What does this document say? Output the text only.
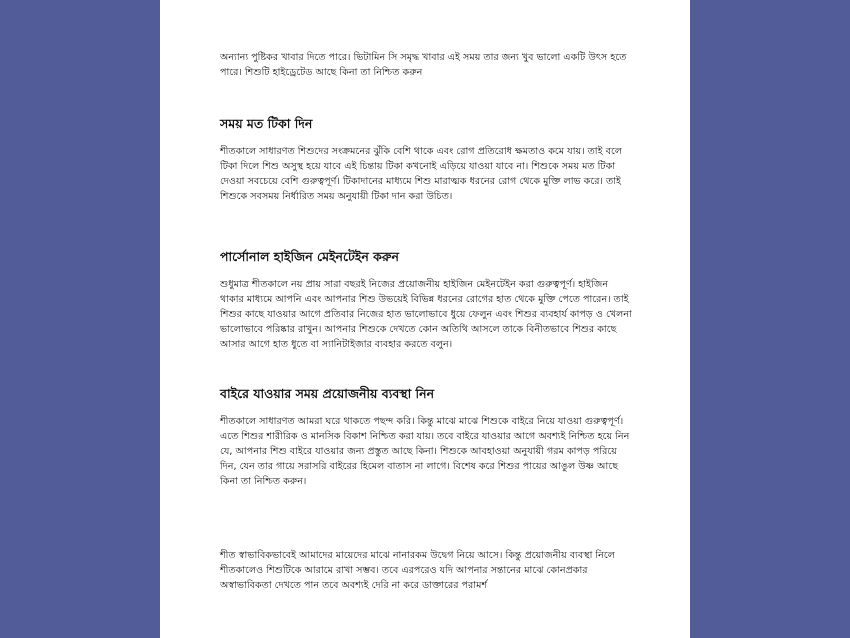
অন্যান্য পুষ্টিকর খাবার দিতে পারে। ভিটামিন সি সমৃদ্ধ খাবার এই সময় তার জন্য খুব ভালো একটি উৎস হতে পারে। শিশুটি হাইড্রেটেড আছে কিনা তা নিশ্চিত করুন

সময় মত টিকা দিন

শীতকালে সাধারণত শিশুদের সংক্রমনের ঝুঁকি বেশি থাকে এবং রোগ প্রতিরোধ ক্ষমতাও কমে যায়। তাই বলে টিকা দিলে শিশু অসুস্থ হয়ে যাবে এই চিন্তায় টিকা কখনোই এড়িয়ে যাওয়া যাবে না। শিশুকে সময় মত টিকা দেওয়া সবচেয়ে বেশি গুরুত্বপূর্ণ। টিকাদানের মাধ্যমে শিশু মারাত্মক ধরনের রোগ থেকে মুক্তি লাভ করে। তাই শিশুকে সবসময় নির্ধারিত সময় অনুযায়ী টিকা দান করা উচিত।

পার্সোনাল হাইজিন মেইনটেইন করুন

শুধুমাত্র শীতকালে নয় প্রায় সারা বছরই নিজের প্রয়োজনীয় হাইজিন মেইনটেইন করা গুরুত্বপূর্ণ। হাইজিন থাকার মাধ্যমে আপনি এবং আপনার শিশু উভয়েই বিভিন্ন ধরনের রোগের হাত থেকে মুক্তি পেতে পারেন। তাই শিশুর কাছে যাওয়ার আগে প্রতিবার নিজের হাত ভালোভাবে ধুয়ে ফেলুন এবং শিশুর ব্যবহার্য কাপড় ও খেলনা ভালোভাবে পরিষ্কার রাখুন। আপনার শিশুকে দেখতে কোন অতিথি আসলে তাকে বিনীতভাবে শিশুর কাছে আসার আগে হাত ধুতে বা স্যানিটাইজার ব্যবহার করতে বলুন।

বাইরে যাওয়ার সময় প্রয়োজনীয় ব্যবস্থা নিন

শীতকালে সাধারণত আমরা ঘরে থাকতে পছন্দ করি। কিন্তু মাঝে মাঝে শিশুকে বাইরে নিয়ে যাওয়া গুরুত্বপূর্ণ। এতে শিশুর শারীরিক ও মানসিক বিকাশ নিশ্চিত করা যায়। তবে বাইরে যাওয়ার আগে অবশ্যই নিশ্চিত হয়ে নিন যে, আপনার শিশু বাইরে যাওয়ার জন্য প্রস্তুত আছে কিনা। শিশুকে আবহাওয়া অনুযায়ী গরম কাপড় পরিয়ে দিন, যেন তার গায়ে সরাসরি বাইরের হিমেল বাতাস না লাগে। বিশেষ করে শিশুর পায়ের আঙুল উষ্ণ আছে কিনা তা নিশ্চিত করুন।

শীত স্বাভাবিকভাবেই আমাদের মায়েদের মাঝে নানারকম উদ্বেগ নিয়ে আসে। কিন্তু প্রয়োজনীয় ব্যবস্থা নিলে শীতকালেও শিশুটিকে আরামে রাখা সম্ভব। তবে এরপরেও যদি আপনার সন্তানের মাঝে কোনপ্রকার অস্বাভাবিকতা দেখতে পান তবে অবশ্যই দেরি না করে ডাক্তারের পরামর্শ
